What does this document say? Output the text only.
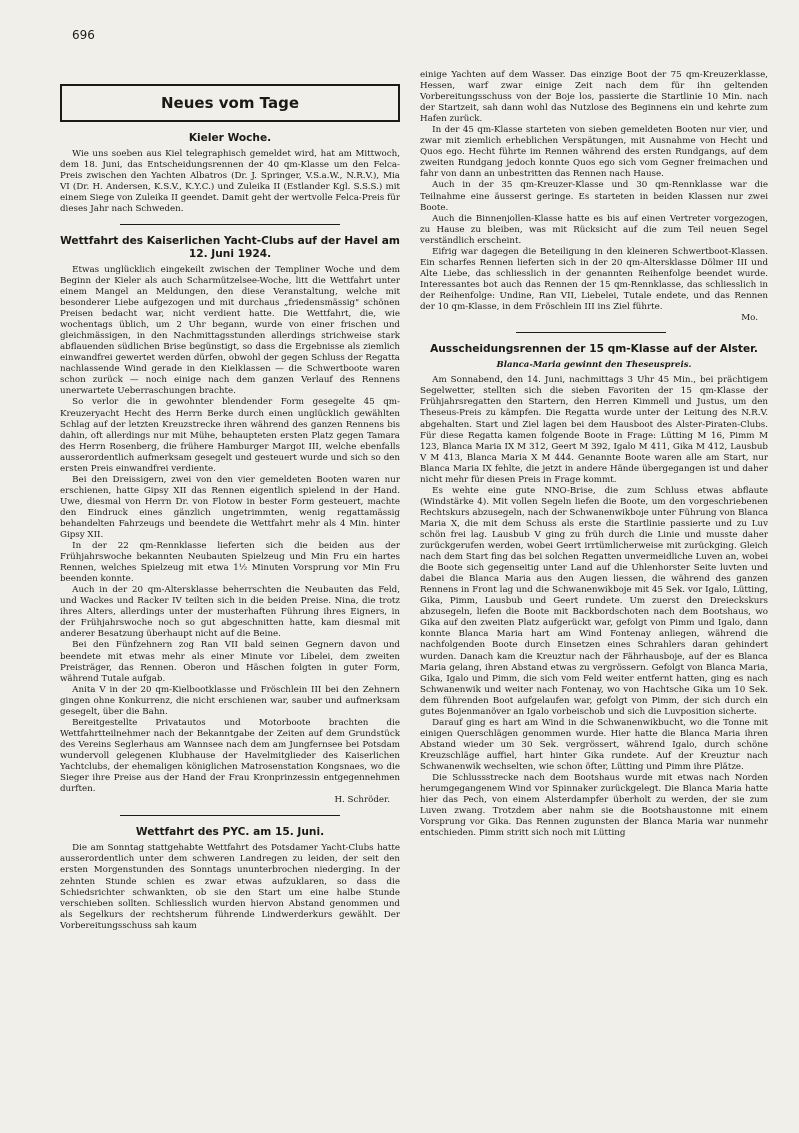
696
Neues vom Tage
Kieler Woche.

Wie uns soeben aus Kiel telegraphisch gemeldet wird, hat am Mittwoch, dem 18. Juni, das Entscheidungsrennen der 40 qm-Klasse um den Felca-Preis zwischen den Yachten Albatros (Dr. J. Springer, V.S.a.W., N.R.V.), Mia VI (Dr. H. Andersen, K.S.V., K.Y.C.) und Zuleika II (Estlander Kgl. S.S.S.) mit einem Siege von Zuleika II geendet. Damit geht der wertvolle Felca-Preis für dieses Jahr nach Schweden.

Wettfahrt des Kaiserlichen Yacht-Clubs auf der Havel am 12. Juni 1924.

Etwas unglücklich eingekeilt zwischen der Templiner Woche und dem Beginn der Kieler als auch Scharmützelsee-Woche, litt die Wettfahrt unter einem Mangel an Meldungen, den diese Veranstaltung, welche mit besonderer Liebe aufgezogen und mit durchaus „friedensmässig" schönen Preisen bedacht war, nicht verdient hatte. Die Wettfahrt, die, wie wochentags üblich, um 2 Uhr begann, wurde von einer frischen und gleichmässigen, in den Nachmittagsstunden allerdings strichweise stark abflauenden südlichen Brise begünstigt, so dass die Ergebnisse als ziemlich einwandfrei gewertet werden dürfen, obwohl der gegen Schluss der Regatta nachlassende Wind gerade in den Kielklassen — die Schwertboote waren schon zurück — noch einige nach dem ganzen Verlauf des Rennens unerwartete Ueberraschungen brachte.

So verlor die in gewohnter blendender Form gesegelte 45 qm-Kreuzeryacht Hecht des Herrn Berke durch einen unglücklich gewählten Schlag auf der letzten Kreuzstrecke ihren während des ganzen Rennens bis dahin, oft allerdings nur mit Mühe, behaupteten ersten Platz gegen Tamara des Herrn Rosenberg, die frühere Hamburger Margot III, welche ebenfalls ausserordentlich aufmerksam gesegelt und gesteuert wurde und sich so den ersten Preis einwandfrei verdiente.

Bei den Dreissigern, zwei von den vier gemeldeten Booten waren nur erschienen, hatte Gipsy XII das Rennen eigentlich spielend in der Hand. Uwe, diesmal von Herrn Dr. von Flotow in bester Form gesteuert, machte den Eindruck eines gänzlich ungetrimmten, wenig regattamässig behandelten Fahrzeugs und beendete die Wettfahrt mehr als 4 Min. hinter Gipsy XII.

In der 22 qm-Rennklasse lieferten sich die beiden aus der Frühjahrswoche bekannten Neubauten Spielzeug und Min Fru ein hartes Rennen, welches Spielzeug mit etwa 1½ Minuten Vorsprung vor Min Fru beenden konnte.

Auch in der 20 qm-Altersklasse beherrschten die Neubauten das Feld, und Wackes und Racker IV teilten sich in die beiden Preise. Nina, die trotz ihres Alters, allerdings unter der musterhaften Führung ihres Eigners, in der Frühjahrswoche noch so gut abgeschnitten hatte, kam diesmal mit anderer Besatzung überhaupt nicht auf die Beine.

Bei den Fünfzehnern zog Ran VII bald seinen Gegnern davon und beendete mit etwas mehr als einer Minute vor Libelei, dem zweiten Preisträger, das Rennen. Oberon und Häschen folgten in guter Form, während Tutale aufgab.

Anita V in der 20 qm-Kielbootklasse und Fröschlein III bei den Zehnern gingen ohne Konkurrenz, die nicht erschienen war, sauber und aufmerksam gesegelt, über die Bahn.

Bereitgestellte Privatautos und Motorboote brachten die Wettfahrtteilnehmer nach der Bekanntgabe der Zeiten auf dem Grundstück des Vereins Seglerhaus am Wannsee nach dem am Jungfernsee bei Potsdam wundervoll gelegenen Klubhause der Havelmitglieder des Kaiserlichen Yachtclubs, der ehemaligen königlichen Matrosenstation Kongsnaes, wo die Sieger ihre Preise aus der Hand der Frau Kronprinzessin entgegennehmen durften.

H. Schröder.

Wettfahrt des PYC. am 15. Juni.

Die am Sonntag stattgehabte Wettfahrt des Potsdamer Yacht-Clubs hatte ausserordentlich unter dem schweren Landregen zu leiden, der seit den ersten Morgenstunden des Sonntags ununterbrochen niederging. In der zehnten Stunde schien es zwar etwas aufzuklaren, so dass die Schiedsrichter schwankten, ob sie den Start um eine halbe Stunde verschieben sollten. Schliesslich wurden hiervon Abstand genommen und als Segelkurs der rechtsherum führende Lindwerderkurs gewählt. Der Vorbereitungsschuss sah kaum

einige Yachten auf dem Wasser. Das einzige Boot der 75 qm-Kreuzerklasse, Hessen, warf zwar einige Zeit nach dem für ihn geltenden Vorbereitungsschuss von der Boje los, passierte die Startlinie 10 Min. nach der Startzeit, sah dann wohl das Nutzlose des Beginnens ein und kehrte zum Hafen zurück.

In der 45 qm-Klasse starteten von sieben gemeldeten Booten nur vier, und zwar mit ziemlich erheblichen Verspätungen, mit Ausnahme von Hecht und Quos ego. Hecht führte im Rennen während des ersten Rundgangs, auf dem zweiten Rundgang jedoch konnte Quos ego sich vom Gegner freimachen und fahr von dann an unbestritten das Rennen nach Hause.

Auch in der 35 qm-Kreuzer-Klasse und 30 qm-Rennklasse war die Teilnahme eine äusserst geringe. Es starteten in beiden Klassen nur zwei Boote.

Auch die Binnenjollen-Klasse hatte es bis auf einen Vertreter vorgezogen, zu Hause zu bleiben, was mit Rücksicht auf die zum Teil neuen Segel verständlich erscheint.

Eifrig war dagegen die Beteiligung in den kleineren Schwertboot-Klassen. Ein scharfes Rennen lieferten sich in der 20 qm-Altersklasse Dölmer III und Alte Liebe, das schliesslich in der genannten Reihenfolge beendet wurde. Interessantes bot auch das Rennen der 15 qm-Rennklasse, das schliesslich in der Reihenfolge: Undine, Ran VII, Liebelei, Tutale endete, und das Rennen der 10 qm-Klasse, in dem Fröschlein III ins Ziel führte.

Mo.

Ausscheidungsrennen der 15 qm-Klasse auf der Alster.
Blanca-Maria gewinnt den Theseuspreis.

Am Sonnabend, den 14. Juni, nachmittags 3 Uhr 45 Min., bei prächtigem Segelwetter, stellten sich die sieben Favoriten der 15 qm-Klasse der Frühjahrsregatten den Startern, den Herren Kimmell und Justus, um den Theseus-Preis zu kämpfen. Die Regatta wurde unter der Leitung des N.R.V. abgehalten. Start und Ziel lagen bei dem Hausboot des Alster-Piraten-Clubs. Für diese Regatta kamen folgende Boote in Frage: Lütting M 16, Pimm M 123, Blanca Maria IX M 312, Geert M 392, Igalo M 411, Gika M 412, Lausbub V M 413, Blanca Maria X M 444. Genannte Boote waren alle am Start, nur Blanca Maria IX fehlte, die jetzt in andere Hände übergegangen ist und daher nicht mehr für diesen Preis in Frage kommt.

Es wehte eine gute NNO-Brise, die zum Schluss etwas abflaute (Windstärke 4). Mit vollen Segeln liefen die Boote, um den vorgeschriebenen Rechtskurs abzusegeln, nach der Schwanenwikboje unter Führung von Blanca Maria X, die mit dem Schuss als erste die Startlinie passierte und zu Luv schön frei lag. Lausbub V ging zu früh durch die Linie und musste daher zurückgerufen werden, wobei Geert irrtümlicherweise mit zurückging. Gleich nach dem Start fing das bei solchen Regatten unvermeidliche Luven an, wobei die Boote sich gegenseitig unter Land auf die Uhlenhorster Seite luvten und dabei die Blanca Maria aus den Augen liessen, die während des ganzen Rennens in Front lag und die Schwanenwikboje mit 45 Sek. vor Igalo, Lütting, Gika, Pimm, Lausbub und Geert rundete. Um zuerst den Dreieckskurs abzusegeln, liefen die Boote mit Backbordschoten nach dem Bootshaus, wo Gika auf den zweiten Platz aufgerückt war, gefolgt von Pimm und Igalo, dann konnte Blanca Maria hart am Wind Fontenay anliegen, während die nachfolgenden Boote durch Einsetzen eines Schrahlers daran gehindert wurden. Danach kam die Kreuztur nach der Fährhausboje, auf der es Blanca Maria gelang, ihren Abstand etwas zu vergrössern. Gefolgt von Blanca Maria, Gika, Igalo und Pimm, die sich vom Feld weiter entfernt hatten, ging es nach Schwanenwik und weiter nach Fontenay, wo von Hachtsche Gika um 10 Sek. dem führenden Boot aufgelaufen war, gefolgt von Pimm, der sich durch ein gutes Bojenmanöver an Igalo vorbeischob und sich die Luvposition sicherte.

Darauf ging es hart am Wind in die Schwanenwikbucht, wo die Tonne mit einigen Querschlägen genommen wurde. Hier hatte die Blanca Maria ihren Abstand wieder um 30 Sek. vergrössert, während Igalo, durch schöne Kreuzschläge auffiel, hart hinter Gika rundete. Auf der Kreuztur nach Schwanenwik wechselten, wie schon öfter, Lütting und Pimm ihre Plätze.

Die Schlussstrecke nach dem Bootshaus wurde mit etwas nach Norden herumgegangenem Wind vor Spinnaker zurückgelegt. Die Blanca Maria hatte hier das Pech, von einem Alsterdampfer überholt zu werden, der sie zum Luven zwang. Trotzdem aber nahm sie die Bootshaustonne mit einem Vorsprung vor Gika. Das Rennen zugunsten der Blanca Maria war nunmehr entschieden. Pimm stritt sich noch mit Lütting
